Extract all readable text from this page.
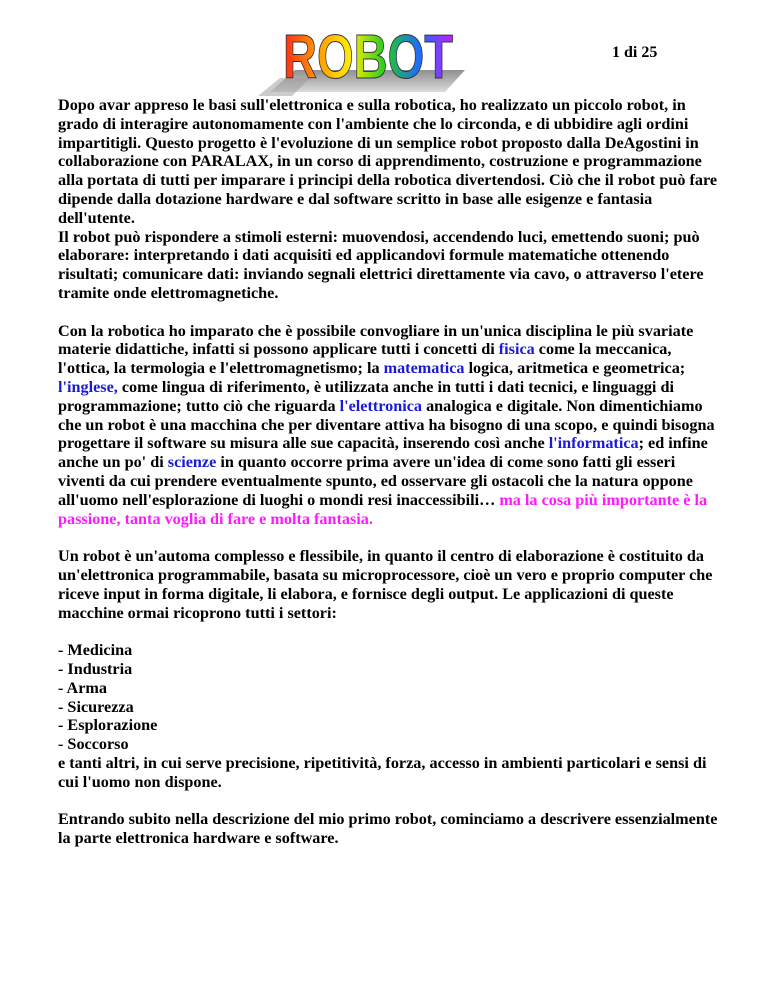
ROBOT	1 di 25

Dopo avar appreso le basi sull'elettronica e sulla robotica, ho realizzato un piccolo robot, in grado di interagire autonomamente con l'ambiente che lo circonda, e di ubbidire agli ordini impartitigli. Questo progetto è l'evoluzione di un semplice robot proposto dalla DeAgostini in collaborazione con PARALAX, in un corso di apprendimento, costruzione e programmazione alla portata di tutti per imparare i principi della robotica divertendosi. Ciò che il robot può fare dipende dalla dotazione hardware e dal software scritto in base alle esigenze e fantasia dell'utente.
Il robot può rispondere a stimoli esterni: muovendosi, accendendo luci, emettendo suoni; può elaborare: interpretando i dati acquisiti ed applicandovi formule matematiche ottenendo risultati; comunicare dati: inviando segnali elettrici direttamente via cavo, o attraverso l'etere tramite onde elettromagnetiche.

Con la robotica ho imparato che è possibile convogliare in un'unica disciplina le più svariate materie didattiche, infatti si possono applicare tutti i concetti di fisica come la meccanica, l'ottica, la termologia e l'elettromagnetismo; la matematica logica, aritmetica e geometrica; l'inglese, come lingua di riferimento, è utilizzata anche in tutti i dati tecnici, e linguaggi di programmazione; tutto ciò che riguarda l'elettronica analogica e digitale. Non dimentichiamo che un robot è una macchina che per diventare attiva ha bisogno di una scopo, e quindi bisogna progettare il software su misura alle sue capacità, inserendo così anche l'informatica; ed infine anche un po' di scienze in quanto occorre prima avere un'idea di come sono fatti gli esseri viventi da cui prendere eventualmente spunto, ed osservare gli ostacoli che la natura oppone all'uomo nell'esplorazione di luoghi o mondi resi inaccessibili… ma la cosa più importante è la passione, tanta voglia di fare e molta fantasia.

Un robot è un'automa complesso e flessibile, in quanto il centro di elaborazione è costituito da un'elettronica programmabile, basata su microprocessore, cioè un vero e proprio computer che riceve input in forma digitale, li elabora, e fornisce degli output. Le applicazioni di queste macchine ormai ricoprono tutti i settori:

- Medicina
- Industria
- Arma
- Sicurezza
- Esplorazione
- Soccorso
e tanti altri, in cui serve precisione, ripetitività, forza, accesso in ambienti particolari e sensi di cui l'uomo non dispone.

Entrando subito nella descrizione del mio primo robot, cominciamo a descrivere essenzialmente la parte elettronica hardware e software.
